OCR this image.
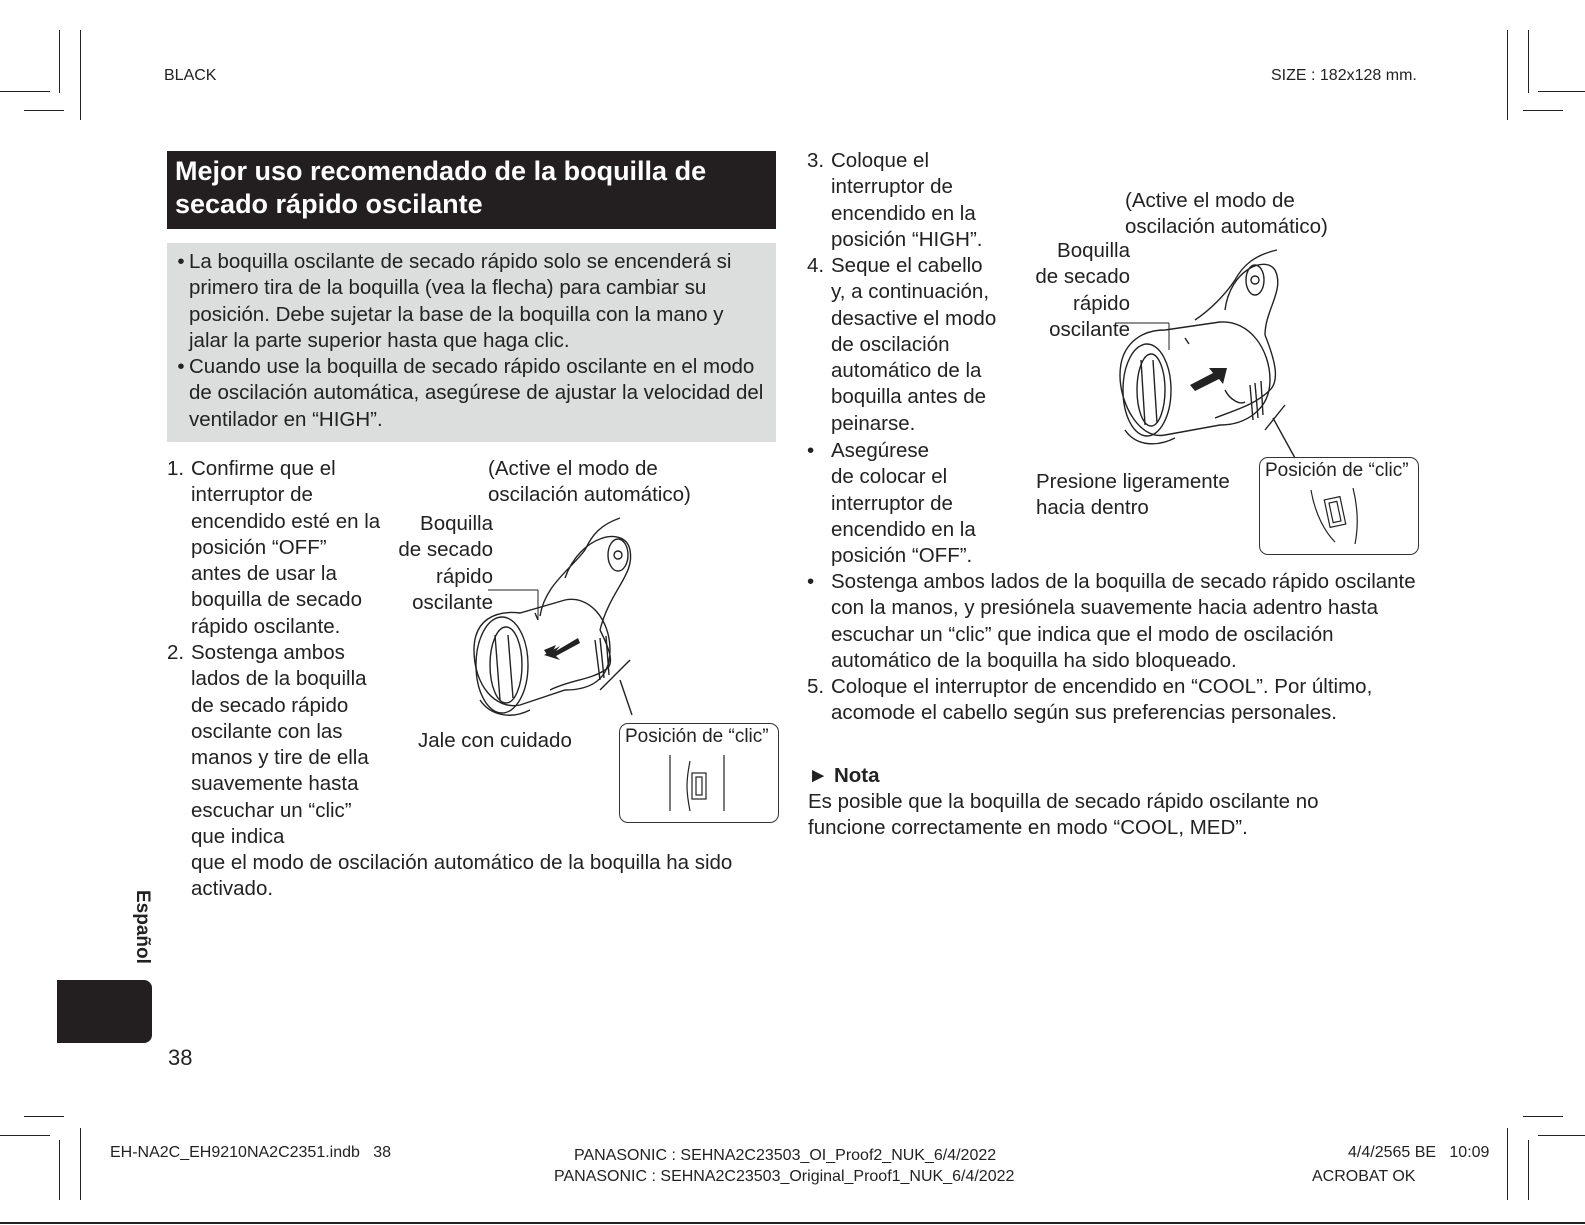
BLACK	SIZE : 182x128 mm.
Mejor uso recomendado de la boquilla de secado rápido oscilante
• La boquilla oscilante de secado rápido solo se encenderá si primero tira de la boquilla (vea la flecha) para cambiar su posición. Debe sujetar la base de la boquilla con la mano y jalar la parte superior hasta que haga clic.
• Cuando use la boquilla de secado rápido oscilante en el modo de oscilación automática, asegúrese de ajustar la velocidad del ventilador en “HIGH”.
1. Confirme que el interruptor de encendido esté en la posición “OFF” antes de usar la boquilla de secado rápido oscilante.
2. Sostenga ambos lados de la boquilla de secado rápido oscilante con las manos y tire de ella suavemente hasta escuchar un “clic” que indica
que el modo de oscilación automático de la boquilla ha sido activado.
(Active el modo de
oscilación automático)
Boquilla
de secado
rápido
oscilante
Jale con cuidado	Posición de “clic”
3. Coloque el
interruptor de
encendido en la
posición “HIGH”.
4. Seque el cabello
y, a continuación,
desactive el modo
de oscilación
automático de la
boquilla antes de
peinarse.
• Asegúrese
de colocar el
interruptor de
encendido en la
posición “OFF”.
• Sostenga ambos lados de la boquilla de secado rápido oscilante con la manos, y presiónela suavemente hacia adentro hasta escuchar un “clic” que indica que el modo de oscilación automático de la boquilla ha sido bloqueado.
5. Coloque el interruptor de encendido en “COOL”. Por último, acomode el cabello según sus preferencias personales.
(Active el modo de
oscilación automático)
Boquilla
de secado
rápido
oscilante
Presione ligeramente
hacia dentro
Posición de “clic”
► Nota
Es posible que la boquilla de secado rápido oscilante no funcione correctamente en modo “COOL, MED”.
Español
38
EH-NA2C_EH9210NA2C2351.indb   38	PANASONIC : SEHNA2C23503_OI_Proof2_NUK_6/4/2022
PANASONIC : SEHNA2C23503_Original_Proof1_NUK_6/4/2022
4/4/2565 BE   10:09
ACROBAT OK
